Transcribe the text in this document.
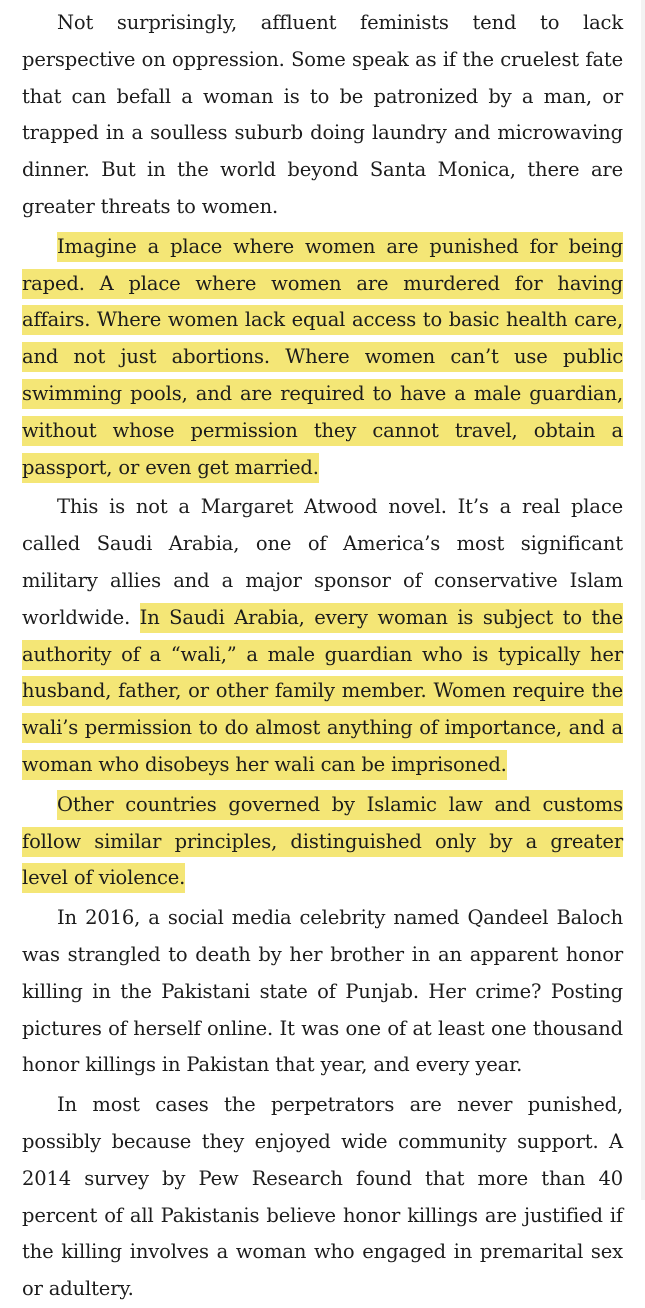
Not surprisingly, affluent feminists tend to lack perspective on oppression. Some speak as if the cruelest fate that can befall a woman is to be patronized by a man, or trapped in a soulless suburb doing laundry and microwaving dinner. But in the world beyond Santa Monica, there are greater threats to women.

Imagine a place where women are punished for being raped. A place where women are murdered for having affairs. Where women lack equal access to basic health care, and not just abortions. Where women can’t use public swimming pools, and are required to have a male guardian, without whose permission they cannot travel, obtain a passport, or even get married.

This is not a Margaret Atwood novel. It’s a real place called Saudi Arabia, one of America’s most significant military allies and a major sponsor of conservative Islam worldwide. In Saudi Arabia, every woman is subject to the authority of a “wali,” a male guardian who is typically her husband, father, or other family member. Women require the wali’s permission to do almost anything of importance, and a woman who disobeys her wali can be imprisoned.

Other countries governed by Islamic law and customs follow similar principles, distinguished only by a greater level of violence.

In 2016, a social media celebrity named Qandeel Baloch was strangled to death by her brother in an apparent honor killing in the Pakistani state of Punjab. Her crime? Posting pictures of herself online. It was one of at least one thousand honor killings in Pakistan that year, and every year.

In most cases the perpetrators are never punished, possibly because they enjoyed wide community support. A 2014 survey by Pew Research found that more than 40 percent of all Pakistanis believe honor killings are justified if the killing involves a woman who engaged in premarital sex or adultery.
